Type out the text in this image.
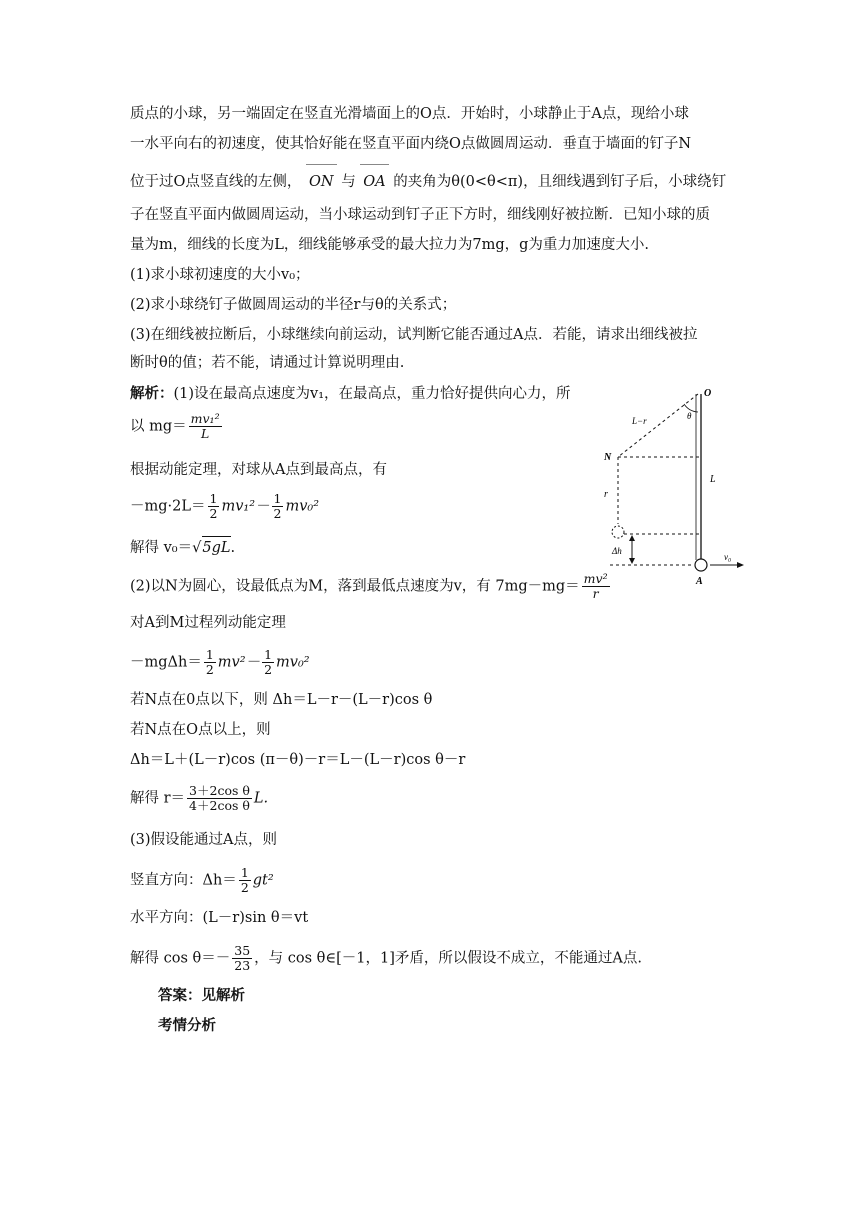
质点的小球，另一端固定在竖直光滑墙面上的O点．开始时，小球静止于A点，现给小球
一水平向右的初速度，使其恰好能在竖直平面内绕O点做圆周运动．垂直于墙面的钉子N
位于过O点竖直线的左侧， ON 与 OA 的夹角为θ(0<θ<π)，且细线遇到钉子后，小球绕钉
子在竖直平面内做圆周运动，当小球运动到钉子正下方时，细线刚好被拉断．已知小球的质
量为m，细线的长度为L，细线能够承受的最大拉力为7mg，g为重力加速度大小.
(1)求小球初速度的大小v₀；
(2)求小球绕钉子做圆周运动的半径r与θ的关系式；
(3)在细线被拉断后，小球继续向前运动，试判断它能否通过A点．若能，请求出细线被拉
断时θ的值；若不能，请通过计算说明理由.
解析：(1)设在最高点速度为v₁，在最高点，重力恰好提供向心力，所
以 $mg= \frac{\text{mv₁²}}{L}$
根据动能定理，对球从A点到最高点，有
$-mg\cdot 2L= \frac{1}{2} mv_1^2- \frac{1}{2} mv_0^2$
解得 v₀＝√5gL.
(2)以N为圆心，设最低点为M，落到最低点速度为v，有 $7mg-mg= \frac{\text{mv²}}{r}$
对A到M过程列动能定理
$-mg\Delta h= \frac{1}{2} mv^2- \frac{1}{2} mv_0^2$
若N点在0点以下，则 Δh＝L－r－(L－r)cos θ
若N点在O点以上，则
Δh＝L＋(L－r)cos (π－θ)－r＝L－(L－r)cos θ－r
解得 $r= \frac{\text{3＋2cos θ}}{\text{4＋2cos θ}} L$.
(3)假设能通过A点，则
竖直方向：$\Delta h= \frac{1}{2} gt^2$
水平方向：(L－r)sin θ＝vt
解得 $\cos \theta=- \frac{35}{23}$ ，与 cos θ∈[－1，1]矛盾，所以假设不成立，不能通过A点.
答案：见解析
考情分析
O
θ
L−r
N
L
r
Δh
A
v₀
